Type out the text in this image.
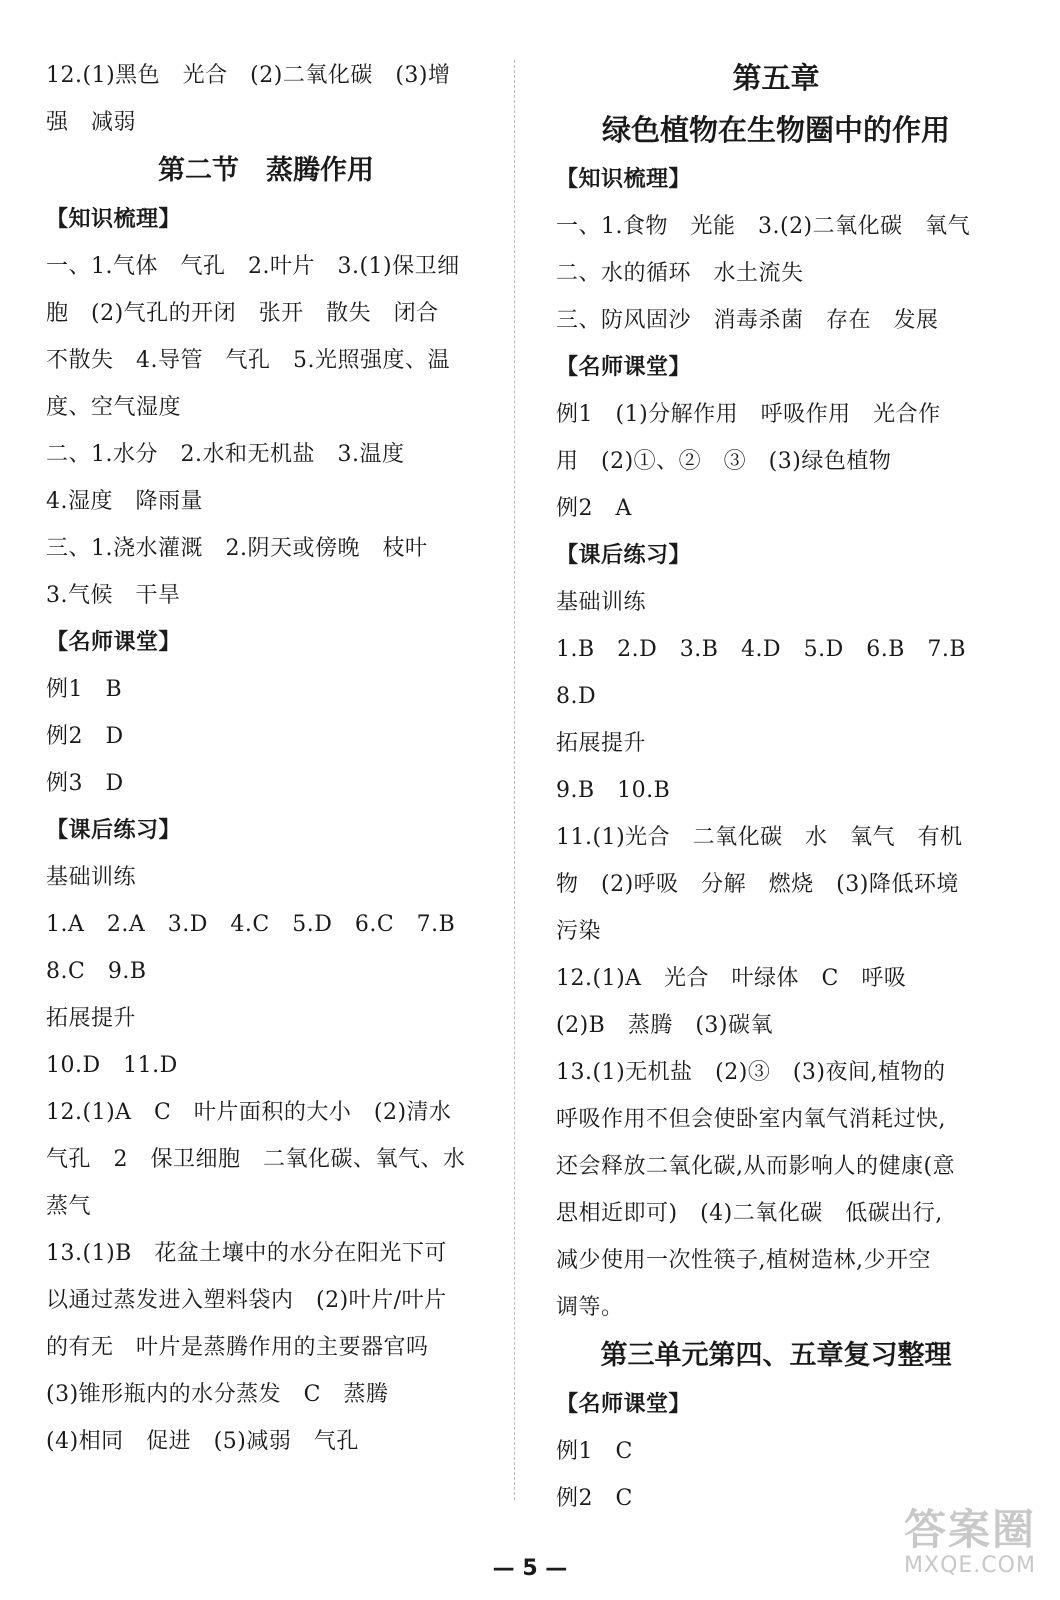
12.(1)黑色　光合　(2)二氧化碳　(3)增
强　减弱
第二节　蒸腾作用
【知识梳理】
一、1.气体　气孔　2.叶片　3.(1)保卫细
胞　(2)气孔的开闭　张开　散失　闭合
不散失　4.导管　气孔　5.光照强度、温
度、空气湿度
二、1.水分　2.水和无机盐　3.温度
4.湿度　降雨量
三、1.浇水灌溉　2.阴天或傍晚　枝叶
3.气候　干旱
【名师课堂】
例1　B
例2　D
例3　D
【课后练习】
基础训练
1.A　2.A　3.D　4.C　5.D　6.C　7.B
8.C　9.B
拓展提升
10.D　11.D
12.(1)A　C　叶片面积的大小　(2)清水
气孔　2　保卫细胞　二氧化碳、氧气、水
蒸气
13.(1)B　花盆土壤中的水分在阳光下可
以通过蒸发进入塑料袋内　(2)叶片/叶片
的有无　叶片是蒸腾作用的主要器官吗
(3)锥形瓶内的水分蒸发　C　蒸腾
(4)相同　促进　(5)减弱　气孔
第五章
绿色植物在生物圈中的作用
【知识梳理】
一、1.食物　光能　3.(2)二氧化碳　氧气
二、水的循环　水土流失
三、防风固沙　消毒杀菌　存在　发展
【名师课堂】
例1　(1)分解作用　呼吸作用　光合作
用　(2)①、②　③　(3)绿色植物
例2　A
【课后练习】
基础训练
1.B　2.D　3.B　4.D　5.D　6.B　7.B
8.D
拓展提升
9.B　10.B
11.(1)光合　二氧化碳　水　氧气　有机
物　(2)呼吸　分解　燃烧　(3)降低环境
污染
12.(1)A　光合　叶绿体　C　呼吸
(2)B　蒸腾　(3)碳氧
13.(1)无机盐　(2)③　(3)夜间,植物的
呼吸作用不但会使卧室内氧气消耗过快,
还会释放二氧化碳,从而影响人的健康(意
思相近即可)　(4)二氧化碳　低碳出行,
减少使用一次性筷子,植树造林,少开空
调等。
第三单元第四、五章复习整理
【名师课堂】
例1　C
例2　C
— 5 —
答案圈
MXQE.COM
